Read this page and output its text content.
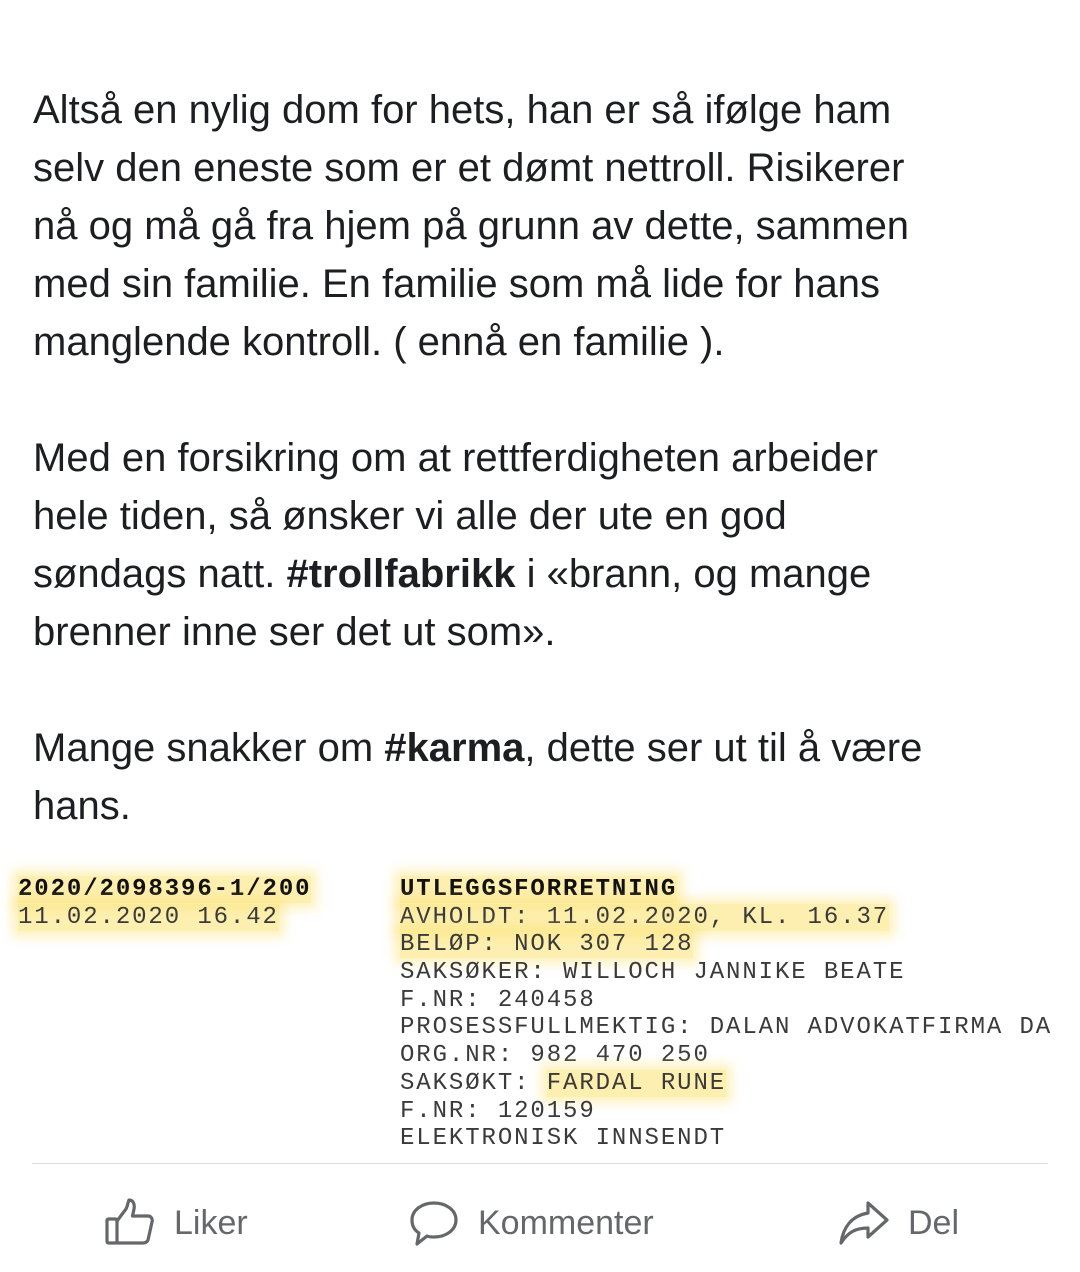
Altså en nylig dom for hets, han er så ifølge ham
selv den eneste som er et dømt nettroll. Risikerer
nå og må gå fra hjem på grunn av dette, sammen
med sin familie. En familie som må lide for hans
manglende kontroll. ( ennå en familie ).
Med en forsikring om at rettferdigheten arbeider
hele tiden, så ønsker vi alle der ute en god
søndags natt. #trollfabrikk i «brann, og mange
brenner inne ser det ut som».
Mange snakker om #karma, dette ser ut til å være
hans.
2020/2098396-1/200
11.02.2020 16.42
UTLEGGSFORRETNING
AVHOLDT: 11.02.2020, KL. 16.37
BELØP: NOK 307 128
SAKSØKER: WILLOCH JANNIKE BEATE
F.NR: 240458
PROSESSFULLMEKTIG: DALAN ADVOKATFIRMA DA
ORG.NR: 982 470 250
SAKSØKT: FARDAL RUNE
F.NR: 120159
ELEKTRONISK INNSENDT
Liker	Kommenter	Del
